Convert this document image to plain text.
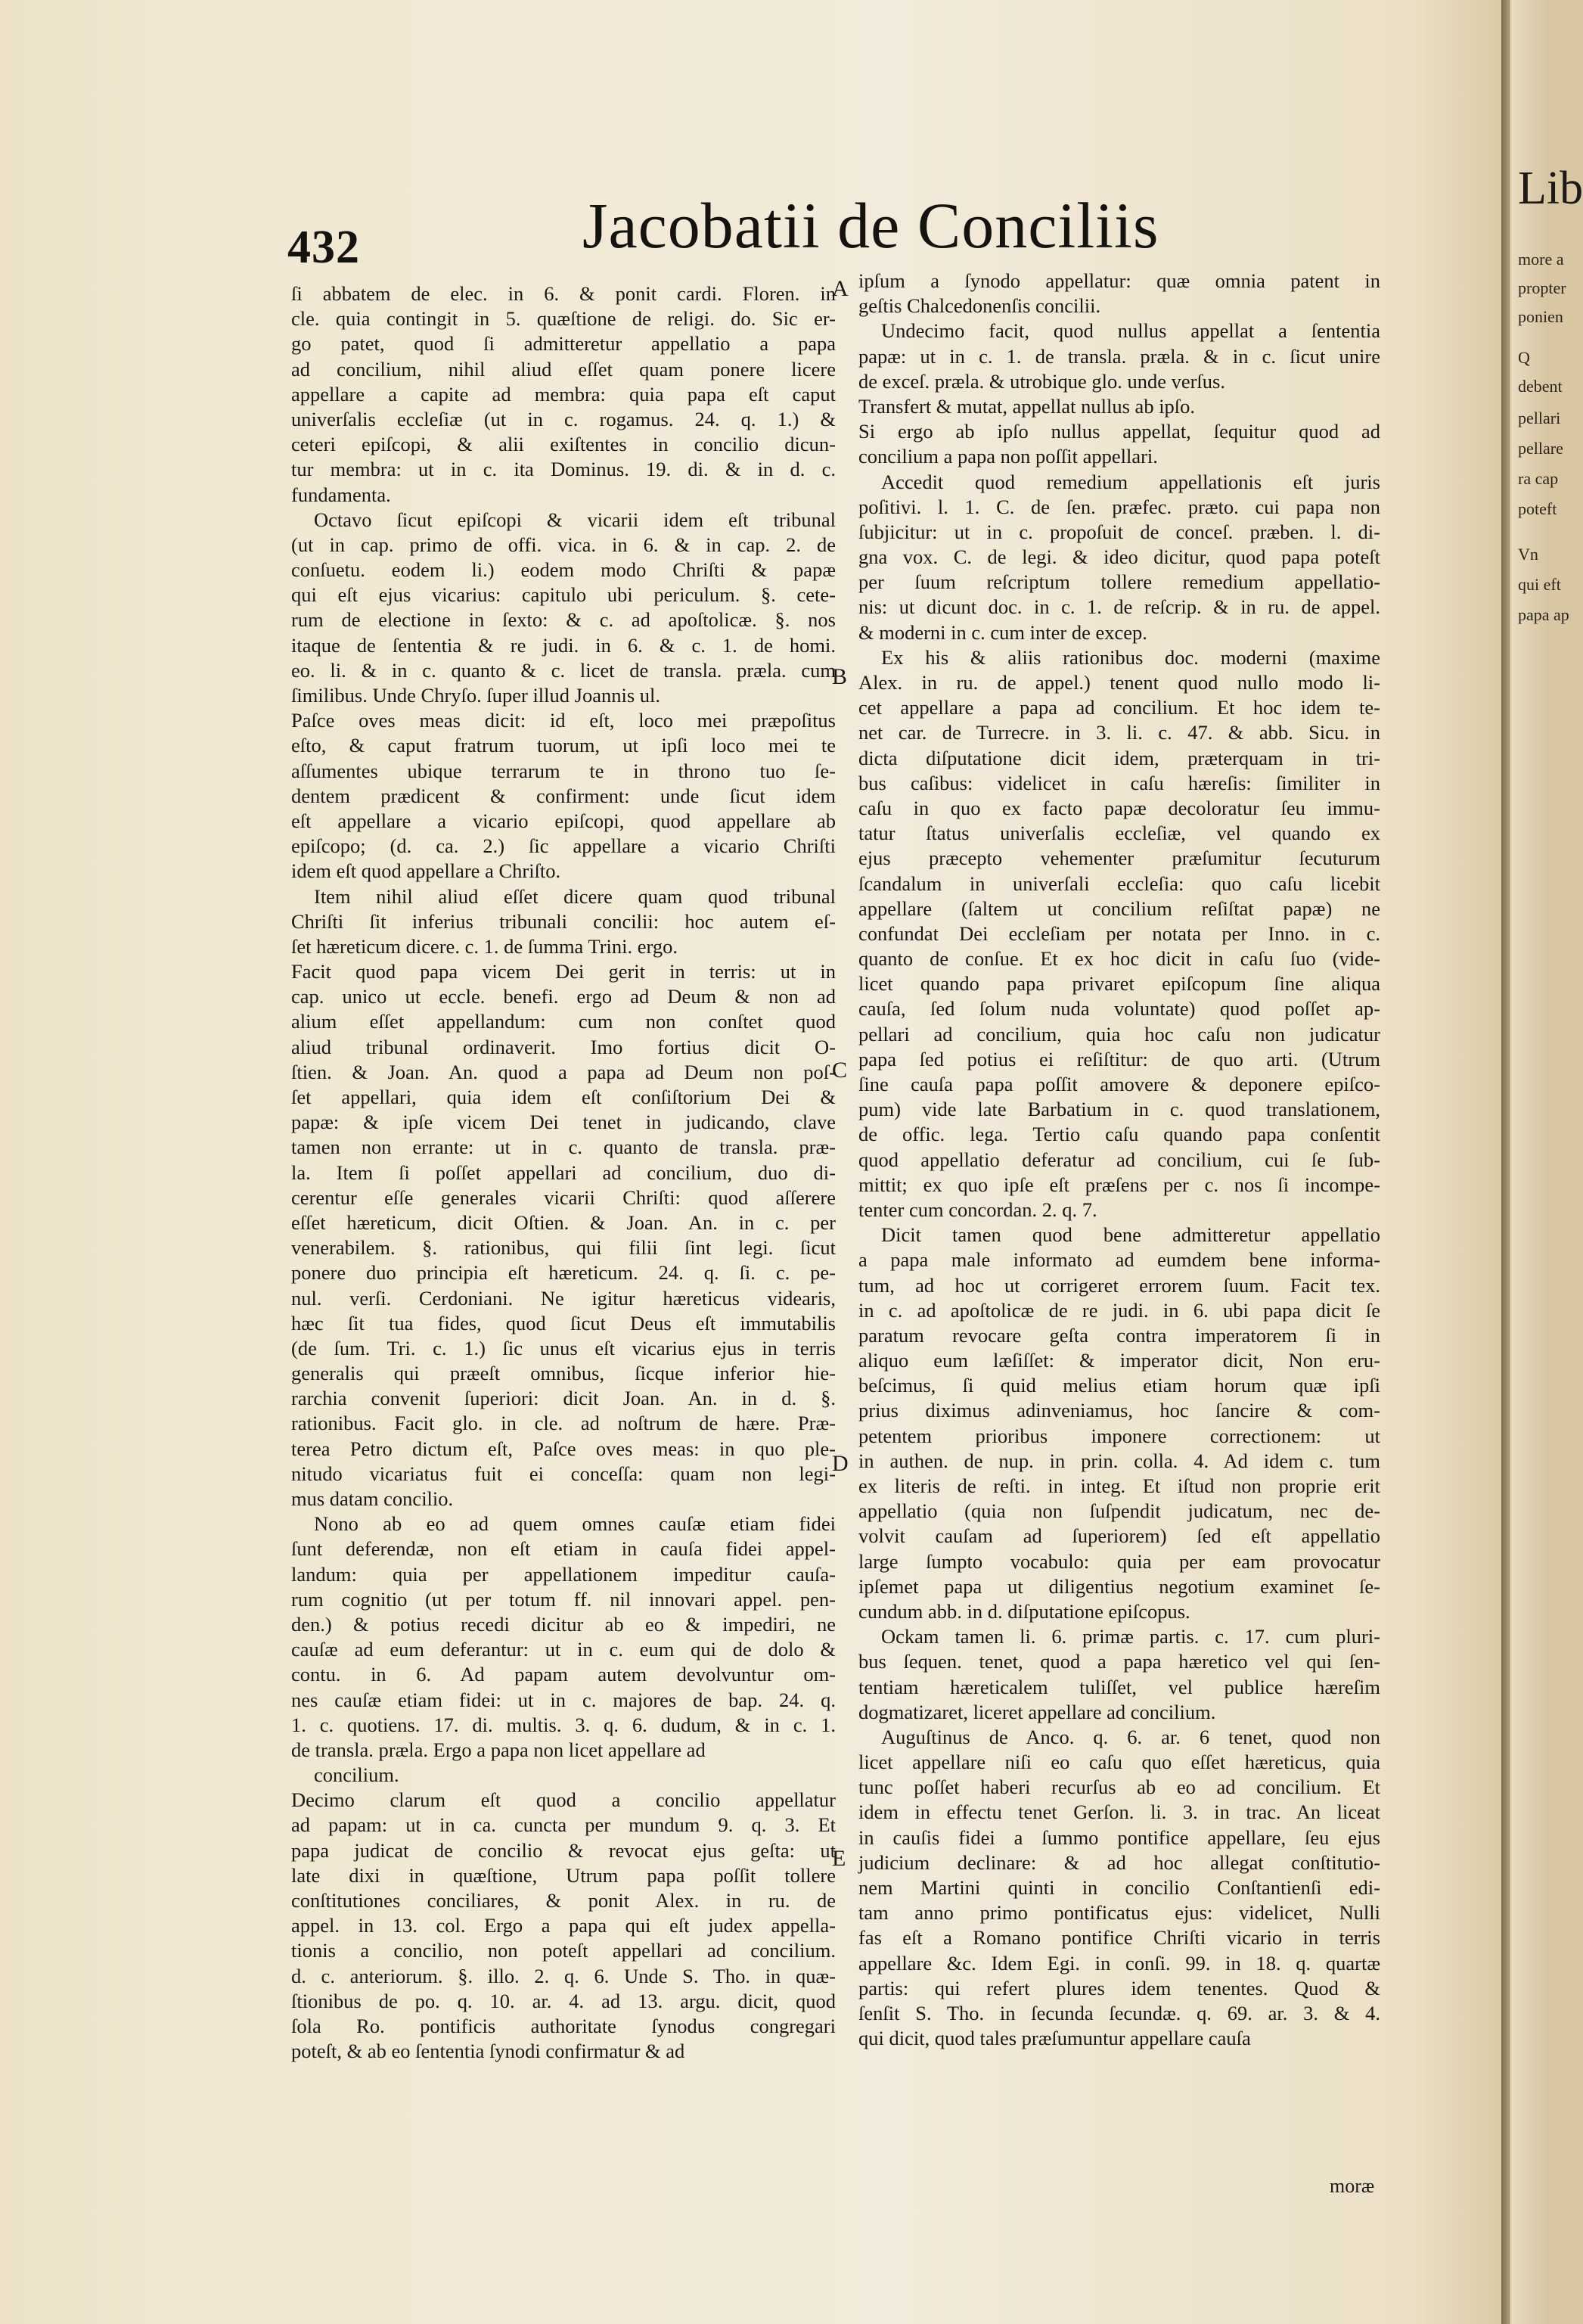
432	Jacobatii de Conciliis
ſi abbatem de elec. in 6. & ponit cardi. Floren. in
cle. quia contingit in 5. quæſtione de religi. do. Sic er-
go patet, quod ſi admitteretur appellatio a papa
ad concilium, nihil aliud eſſet quam ponere licere
appellare a capite ad membra: quia papa eſt caput
univerſalis eccleſiæ (ut in c. rogamus. 24. q. 1.) &
ceteri epiſcopi, & alii exiſtentes in concilio dicun-
tur membra: ut in c. ita Dominus. 19. di. & in d. c.
fundamenta.
Octavo ſicut epiſcopi & vicarii idem eſt tribunal
(ut in cap. primo de offi. vica. in 6. & in cap. 2. de
conſuetu. eodem li.) eodem modo Chriſti & papæ
qui eſt ejus vicarius: capitulo ubi periculum. §. cete-
rum de electione in ſexto: & c. ad apoſtolicæ. §. nos
itaque de ſententia & re judi. in 6. & c. 1. de homi.
eo. li. & in c. quanto & c. licet de transla. præla. cum
ſimilibus. Unde Chryſo. ſuper illud Joannis ul.
Paſce oves meas dicit: id eſt, loco mei præpoſitus
eſto, & caput fratrum tuorum, ut ipſi loco mei te
aſſumentes ubique terrarum te in throno tuo ſe-
dentem prædicent & confirment: unde ſicut idem
eſt appellare a vicario epiſcopi, quod appellare ab
epiſcopo; (d. ca. 2.) ſic appellare a vicario Chriſti
idem eſt quod appellare a Chriſto.
Item nihil aliud eſſet dicere quam quod tribunal
Chriſti ſit inferius tribunali concilii: hoc autem eſ-
ſet hæreticum dicere. c. 1. de ſumma Trini. ergo.
Facit quod papa vicem Dei gerit in terris: ut in
cap. unico ut eccle. benefi. ergo ad Deum & non ad
alium eſſet appellandum: cum non conſtet quod
aliud tribunal ordinaverit. Imo fortius dicit O-
ſtien. & Joan. An. quod a papa ad Deum non poſ-
ſet appellari, quia idem eſt conſiſtorium Dei &
papæ: & ipſe vicem Dei tenet in judicando, clave
tamen non errante: ut in c. quanto de transla. præ-
la. Item ſi poſſet appellari ad concilium, duo di-
cerentur eſſe generales vicarii Chriſti: quod aſſerere
eſſet hæreticum, dicit Oſtien. & Joan. An. in c. per
venerabilem. §. rationibus, qui filii ſint legi. ſicut
ponere duo principia eſt hæreticum. 24. q. ſi. c. pe-
nul. verſi. Cerdoniani. Ne igitur hæreticus videaris,
hæc ſit tua fides, quod ſicut Deus eſt immutabilis
(de ſum. Tri. c. 1.) ſic unus eſt vicarius ejus in terris
generalis qui præeſt omnibus, ſicque inferior hie-
rarchia convenit ſuperiori: dicit Joan. An. in d. §.
rationibus. Facit glo. in cle. ad noſtrum de hære. Præ-
terea Petro dictum eſt, Paſce oves meas: in quo ple-
nitudo vicariatus fuit ei conceſſa: quam non legi-
mus datam concilio.
Nono ab eo ad quem omnes cauſæ etiam fidei
ſunt deferendæ, non eſt etiam in cauſa fidei appel-
landum: quia per appellationem impeditur cauſa-
rum cognitio (ut per totum ff. nil innovari appel. pen-
den.) & potius recedi dicitur ab eo & impediri, ne
cauſæ ad eum deferantur: ut in c. eum qui de dolo &
contu. in 6. Ad papam autem devolvuntur om-
nes cauſæ etiam fidei: ut in c. majores de bap. 24. q.
1. c. quotiens. 17. di. multis. 3. q. 6. dudum, & in c. 1.
de transla. præla. Ergo a papa non licet appellare ad
concilium.
Decimo clarum eſt quod a concilio appellatur
ad papam: ut in ca. cuncta per mundum 9. q. 3. Et
papa judicat de concilio & revocat ejus geſta: ut
late dixi in quæſtione, Utrum papa poſſit tollere
conſtitutiones conciliares, & ponit Alex. in ru. de
appel. in 13. col. Ergo a papa qui eſt judex appella-
tionis a concilio, non poteſt appellari ad concilium.
d. c. anteriorum. §. illo. 2. q. 6. Unde S. Tho. in quæ-
ſtionibus de po. q. 10. ar. 4. ad 13. argu. dicit, quod
ſola Ro. pontificis authoritate ſynodus congregari
poteſt, & ab eo ſententia ſynodi confirmatur & ad
ipſum a ſynodo appellatur: quæ omnia patent in
geſtis Chalcedonenſis concilii.
Undecimo facit, quod nullus appellat a ſententia
papæ: ut in c. 1. de transla. præla. & in c. ſicut unire
de exceſ. præla. & utrobique glo. unde verſus.
Transfert & mutat, appellat nullus ab ipſo.
Si ergo ab ipſo nullus appellat, ſequitur quod ad
concilium a papa non poſſit appellari.
Accedit quod remedium appellationis eſt juris
poſitivi. l. 1. C. de ſen. præfec. præto. cui papa non
ſubjicitur: ut in c. propoſuit de conceſ. præben. l. di-
gna vox. C. de legi. & ideo dicitur, quod papa poteſt
per ſuum reſcriptum tollere remedium appellatio-
nis: ut dicunt doc. in c. 1. de reſcrip. & in ru. de appel.
& moderni in c. cum inter de excep.
Ex his & aliis rationibus doc. moderni (maxime
Alex. in ru. de appel.) tenent quod nullo modo li-
cet appellare a papa ad concilium. Et hoc idem te-
net car. de Turrecre. in 3. li. c. 47. & abb. Sicu. in
dicta diſputatione dicit idem, præterquam in tri-
bus caſibus: videlicet in caſu hæreſis: ſimiliter in
caſu in quo ex facto papæ decoloratur ſeu immu-
tatur ſtatus univerſalis eccleſiæ, vel quando ex
ejus præcepto vehementer præſumitur ſecuturum
ſcandalum in univerſali eccleſia: quo caſu licebit
appellare (ſaltem ut concilium reſiſtat papæ) ne
confundat Dei eccleſiam per notata per Inno. in c.
quanto de conſue. Et ex hoc dicit in caſu ſuo (vide-
licet quando papa privaret epiſcopum ſine aliqua
cauſa, ſed ſolum nuda voluntate) quod poſſet ap-
pellari ad concilium, quia hoc caſu non judicatur
papa ſed potius ei reſiſtitur: de quo arti. (Utrum
ſine cauſa papa poſſit amovere & deponere epiſco-
pum) vide late Barbatium in c. quod translationem,
de offic. lega. Tertio caſu quando papa conſentit
quod appellatio deferatur ad concilium, cui ſe ſub-
mittit; ex quo ipſe eſt præſens per c. nos ſi incompe-
tenter cum concordan. 2. q. 7.
Dicit tamen quod bene admitteretur appellatio
a papa male informato ad eumdem bene informa-
tum, ad hoc ut corrigeret errorem ſuum. Facit tex.
in c. ad apoſtolicæ de re judi. in 6. ubi papa dicit ſe
paratum revocare geſta contra imperatorem ſi in
aliquo eum læſiſſet: & imperator dicit, Non eru-
beſcimus, ſi quid melius etiam horum quæ ipſi
prius diximus adinveniamus, hoc ſancire & com-
petentem prioribus imponere correctionem: ut
in authen. de nup. in prin. colla. 4. Ad idem c. tum
ex literis de reſti. in integ. Et iſtud non proprie erit
appellatio (quia non ſuſpendit judicatum, nec de-
volvit cauſam ad ſuperiorem) ſed eſt appellatio
large ſumpto vocabulo: quia per eam provocatur
ipſemet papa ut diligentius negotium examinet ſe-
cundum abb. in d. diſputatione epiſcopus.
Ockam tamen li. 6. primæ partis. c. 17. cum pluri-
bus ſequen. tenet, quod a papa hæretico vel qui ſen-
tentiam hæreticalem tuliſſet, vel publice hæreſim
dogmatizaret, liceret appellare ad concilium.
Auguſtinus de Anco. q. 6. ar. 6 tenet, quod non
licet appellare niſi eo caſu quo eſſet hæreticus, quia
tunc poſſet haberi recurſus ab eo ad concilium. Et
idem in effectu tenet Gerſon. li. 3. in trac. An liceat
in cauſis fidei a ſummo pontifice appellare, ſeu ejus
judicium declinare: & ad hoc allegat conſtitutio-
nem Martini quinti in concilio Conſtantienſi edi-
tam anno primo pontificatus ejus: videlicet, Nulli
fas eſt a Romano pontifice Chriſti vicario in terris
appellare &c. Idem Egi. in conſi. 99. in 18. q. quartæ
partis: qui refert plures idem tenentes. Quod &
ſenſit S. Tho. in ſecunda ſecundæ. q. 69. ar. 3. & 4.
qui dicit, quod tales præſumuntur appellare cauſa
A
B
C
D
E
moræ
Lib
more a
propter
ponien
Q
debent
pellari
pellare
ra cap
poteft
Vn
qui eft
papa ap
